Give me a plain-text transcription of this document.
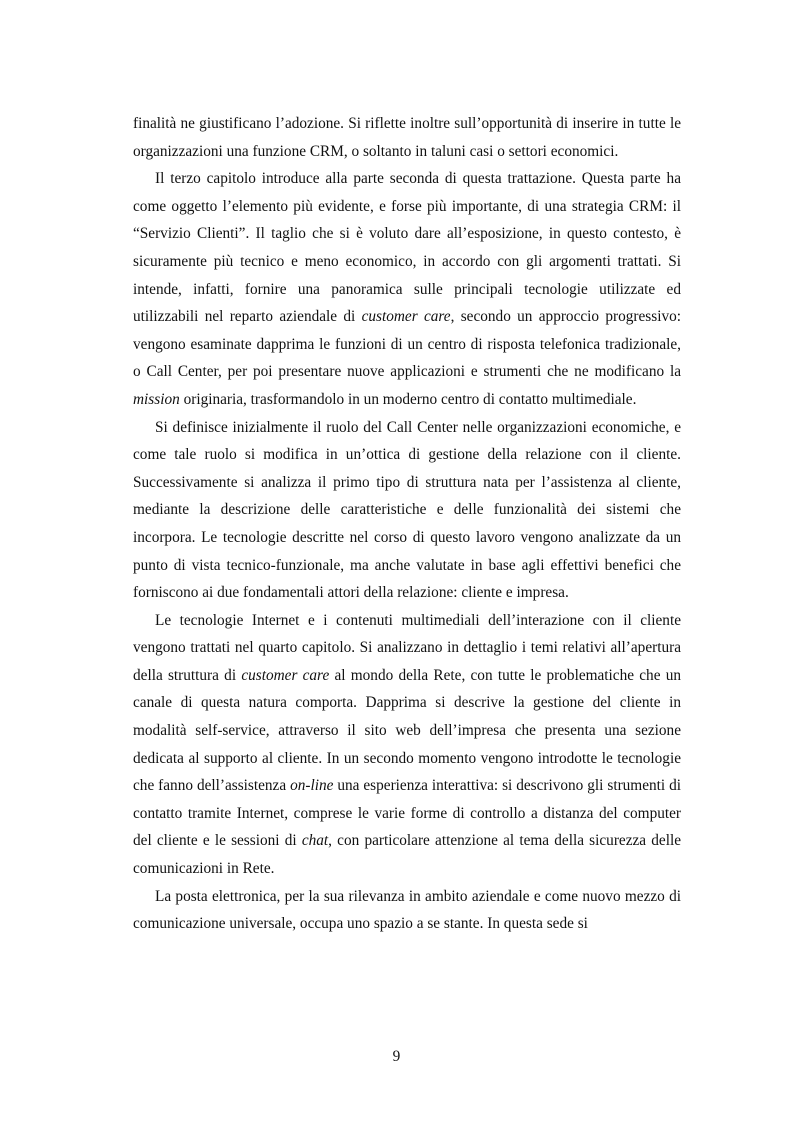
finalità ne giustificano l’adozione. Si riflette inoltre sull’opportunità di inserire in tutte le organizzazioni una funzione CRM, o soltanto in taluni casi o settori economici.

Il terzo capitolo introduce alla parte seconda di questa trattazione. Questa parte ha come oggetto l’elemento più evidente, e forse più importante, di una strategia CRM: il “Servizio Clienti”. Il taglio che si è voluto dare all’esposizione, in questo contesto, è sicuramente più tecnico e meno economico, in accordo con gli argomenti trattati. Si intende, infatti, fornire una panoramica sulle principali tecnologie utilizzate ed utilizzabili nel reparto aziendale di customer care, secondo un approccio progressivo: vengono esaminate dapprima le funzioni di un centro di risposta telefonica tradizionale, o Call Center, per poi presentare nuove applicazioni e strumenti che ne modificano la mission originaria, trasformandolo in un moderno centro di contatto multimediale.

Si definisce inizialmente il ruolo del Call Center nelle organizzazioni economiche, e come tale ruolo si modifica in un’ottica di gestione della relazione con il cliente. Successivamente si analizza il primo tipo di struttura nata per l’assistenza al cliente, mediante la descrizione delle caratteristiche e delle funzionalità dei sistemi che incorpora. Le tecnologie descritte nel corso di questo lavoro vengono analizzate da un punto di vista tecnico-funzionale, ma anche valutate in base agli effettivi benefici che forniscono ai due fondamentali attori della relazione: cliente e impresa.

Le tecnologie Internet e i contenuti multimediali dell’interazione con il cliente vengono trattati nel quarto capitolo. Si analizzano in dettaglio i temi relativi all’apertura della struttura di customer care al mondo della Rete, con tutte le problematiche che un canale di questa natura comporta. Dapprima si descrive la gestione del cliente in modalità self-service, attraverso il sito web dell’impresa che presenta una sezione dedicata al supporto al cliente. In un secondo momento vengono introdotte le tecnologie che fanno dell’assistenza on-line una esperienza interattiva: si descrivono gli strumenti di contatto tramite Internet, comprese le varie forme di controllo a distanza del computer del cliente e le sessioni di chat, con particolare attenzione al tema della sicurezza delle comunicazioni in Rete.

La posta elettronica, per la sua rilevanza in ambito aziendale e come nuovo mezzo di comunicazione universale, occupa uno spazio a se stante. In questa sede si

9
